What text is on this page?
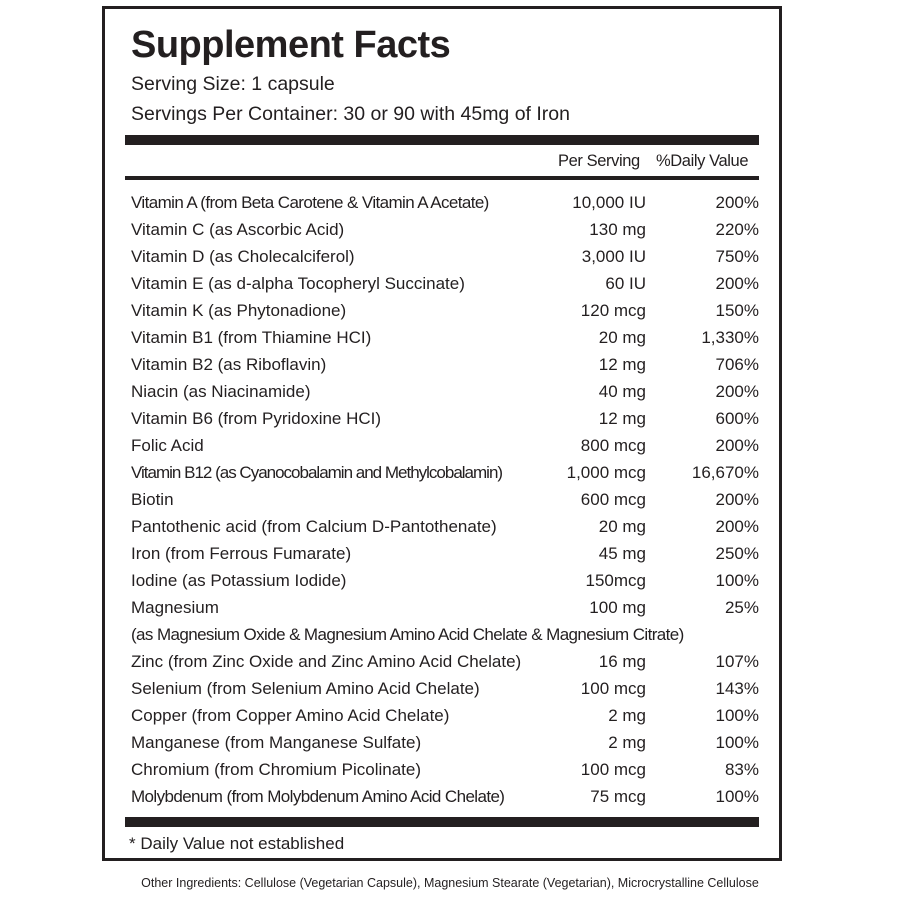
Supplement Facts
Serving Size: 1 capsule
Servings Per Container: 30 or 90 with 45mg of Iron
Per Serving %Daily Value
Vitamin A (from Beta Carotene & Vitamin A Acetate)	10,000 IU	200%
Vitamin C (as Ascorbic Acid)	130 mg	220%
Vitamin D (as Cholecalciferol)	3,000 IU	750%
Vitamin E (as d-alpha Tocopheryl Succinate)	60 IU	200%
Vitamin K (as Phytonadione)	120 mcg	150%
Vitamin B1 (from Thiamine HCI)	20 mg	1,330%
Vitamin B2 (as Riboflavin)	12 mg	706%
Niacin (as Niacinamide)	40 mg	200%
Vitamin B6 (from Pyridoxine HCI)	12 mg	600%
Folic Acid	800 mcg	200%
Vitamin B12 (as Cyanocobalamin and Methylcobalamin)	1,000 mcg	16,670%
Biotin	600 mcg	200%
Pantothenic acid (from Calcium D-Pantothenate)	20 mg	200%
Iron (from Ferrous Fumarate)	45 mg	250%
Iodine (as Potassium Iodide)	150mcg	100%
Magnesium	100 mg	25%
(as Magnesium Oxide & Magnesium Amino Acid Chelate & Magnesium Citrate)
Zinc (from Zinc Oxide and Zinc Amino Acid Chelate)	16 mg	107%
Selenium (from Selenium Amino Acid Chelate)	100 mcg	143%
Copper (from Copper Amino Acid Chelate)	2 mg	100%
Manganese (from Manganese Sulfate)	2 mg	100%
Chromium (from Chromium Picolinate)	100 mcg	83%
Molybdenum (from Molybdenum Amino Acid Chelate)	75 mcg	100%
* Daily Value not established
Other Ingredients: Cellulose (Vegetarian Capsule), Magnesium Stearate (Vegetarian), Microcrystalline Cellulose
